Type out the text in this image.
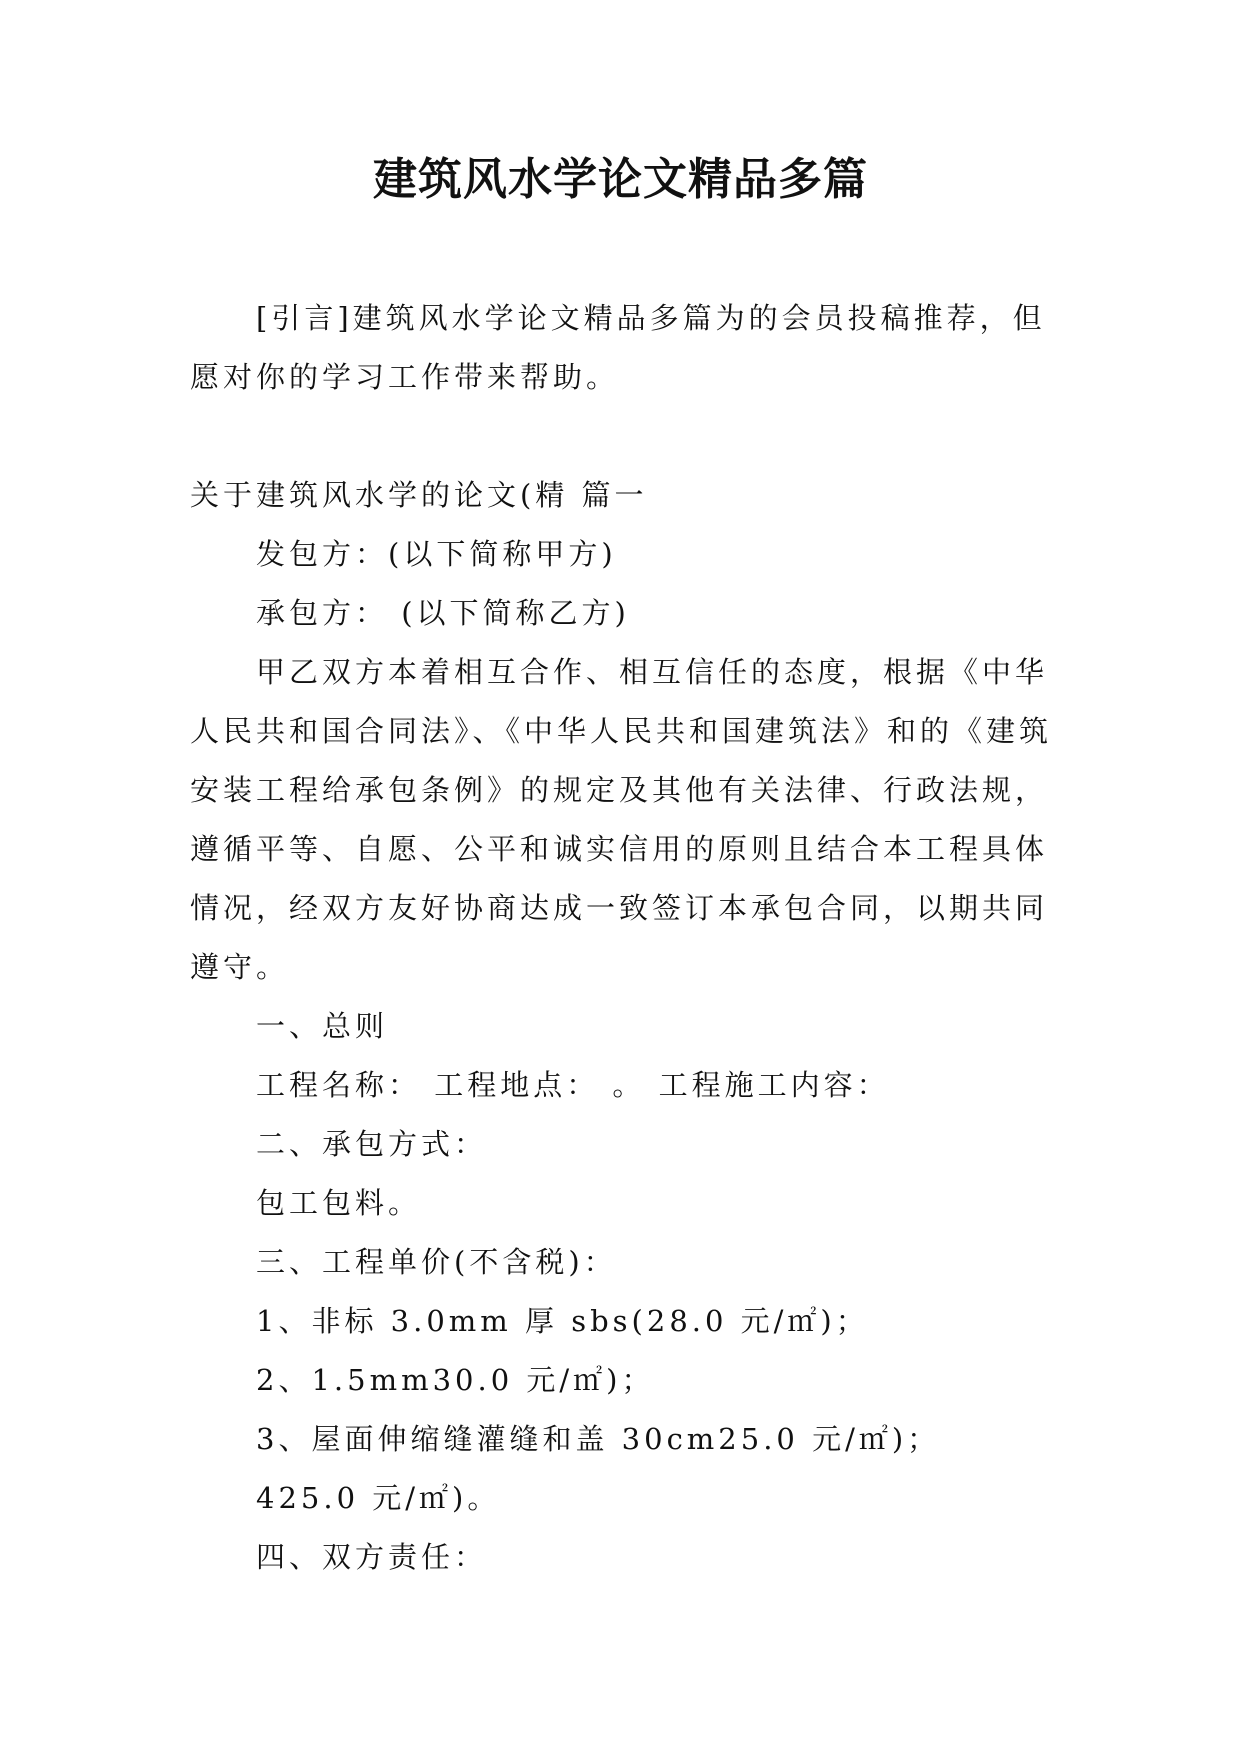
建筑风水学论文精品多篇

[引言]建筑风水学论文精品多篇为的会员投稿推荐，但愿对你的学习工作带来帮助。

关于建筑风水学的论文(精 篇一

发包方：(以下简称甲方)

承包方： (以下简称乙方)

甲乙双方本着相互合作、相互信任的态度，根据《中华人民共和国合同法》、《中华人民共和国建筑法》和的《建筑安装工程给承包条例》的规定及其他有关法律、行政法规，遵循平等、自愿、公平和诚实信用的原则且结合本工程具体情况，经双方友好协商达成一致签订本承包合同，以期共同遵守。

一、总则

工程名称： 工程地点： 。 工程施工内容：

二、承包方式：

包工包料。

三、工程单价(不含税)：

1、非标 3.0mm 厚 sbs(28.0 元/㎡)；

2、1.5mm30.0 元/㎡)；

3、屋面伸缩缝灌缝和盖 30cm25.0 元/㎡)；

425.0 元/㎡)。

四、双方责任：
